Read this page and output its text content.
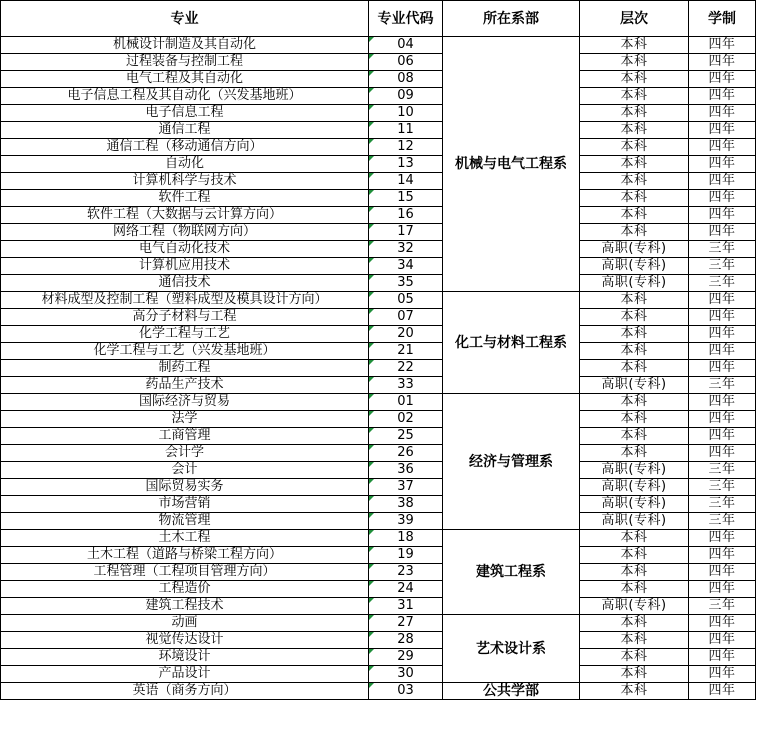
专业	专业代码	所在系部	层次	学制
机械设计制造及其自动化	04	机械与电气工程系	本科	四年
过程装备与控制工程	06		本科	四年
电气工程及其自动化	08		本科	四年
电子信息工程及其自动化（兴发基地班）	09		本科	四年
电子信息工程	10		本科	四年
通信工程	11		本科	四年
通信工程（移动通信方向）	12		本科	四年
自动化	13		本科	四年
计算机科学与技术	14		本科	四年
软件工程	15		本科	四年
软件工程（大数据与云计算方向）	16		本科	四年
网络工程（物联网方向）	17		本科	四年
电气自动化技术	32		高职(专科)	三年
计算机应用技术	34		高职(专科)	三年
通信技术	35		高职(专科)	三年
材料成型及控制工程（塑料成型及模具设计方向）	05	化工与材料工程系	本科	四年
高分子材料与工程	07		本科	四年
化学工程与工艺	20		本科	四年
化学工程与工艺（兴发基地班）	21		本科	四年
制药工程	22		本科	四年
药品生产技术	33		高职(专科)	三年
国际经济与贸易	01	经济与管理系	本科	四年
法学	02		本科	四年
工商管理	25		本科	四年
会计学	26		本科	四年
会计	36		高职(专科)	三年
国际贸易实务	37		高职(专科)	三年
市场营销	38		高职(专科)	三年
物流管理	39		高职(专科)	三年
土木工程	18	建筑工程系	本科	四年
土木工程（道路与桥梁工程方向）	19		本科	四年
工程管理（工程项目管理方向）	23		本科	四年
工程造价	24		本科	四年
建筑工程技术	31		高职(专科)	三年
动画	27	艺术设计系	本科	四年
视觉传达设计	28		本科	四年
环境设计	29		本科	四年
产品设计	30		本科	四年
英语（商务方向）	03	公共学部	本科	四年
